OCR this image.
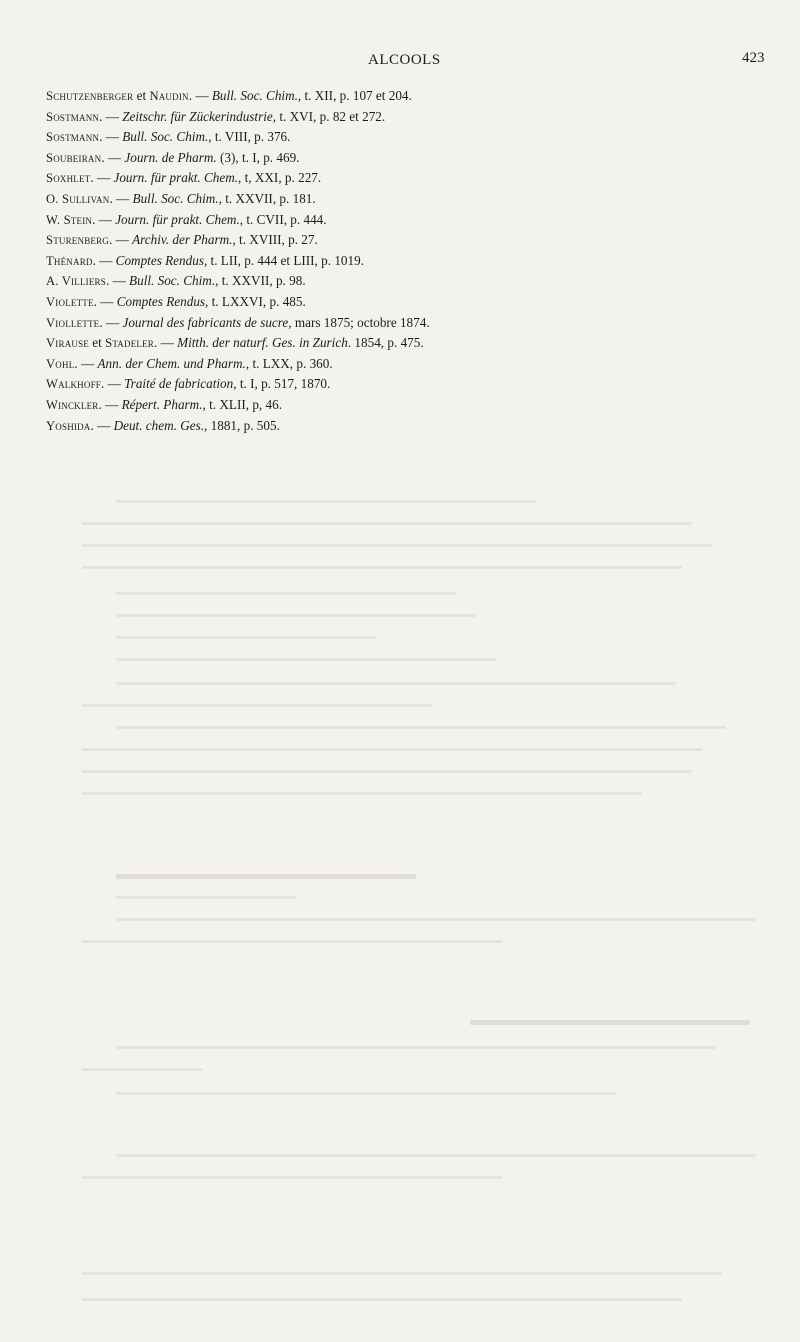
ALCOOLS	423
Schutzenberger et Naudin. — Bull. Soc. Chim., t. XII, p. 107 et 204.
Sostmann. — Zeitschr. für Zückerindustrie, t. XVI, p. 82 et 272.
Sostmann. — Bull. Soc. Chim., t. VIII, p. 376.
Soubeiran. — Journ. de Pharm. (3), t. I, p. 469.
Soxhlet. — Journ. für prakt. Chem., t, XXI, p. 227.
O. Sullivan. — Bull. Soc. Chim., t. XXVII, p. 181.
W. Stein. — Journ. für prakt. Chem., t. CVII, p. 444.
Sturenberg. — Archiv. der Pharm., t. XVIII, p. 27.
Thénard. — Comptes Rendus, t. LII, p. 444 et LIII, p. 1019.
A. Villiers. — Bull. Soc. Chim., t. XXVII, p. 98.
Violette. — Comptes Rendus, t. LXXVI, p. 485.
Viollette. — Journal des fabricants de sucre, mars 1875; octobre 1874.
Virause et Stadeler. — Mitth. der naturf. Ges. in Zurich. 1854, p. 475.
Vohl. — Ann. der Chem. und Pharm., t. LXX, p. 360.
Walkhoff. — Traité de fabrication, t. I, p. 517, 1870.
Winckler. — Répert. Pharm., t. XLII, p, 46.
Yoshida. — Deut. chem. Ges., 1881, p. 505.
